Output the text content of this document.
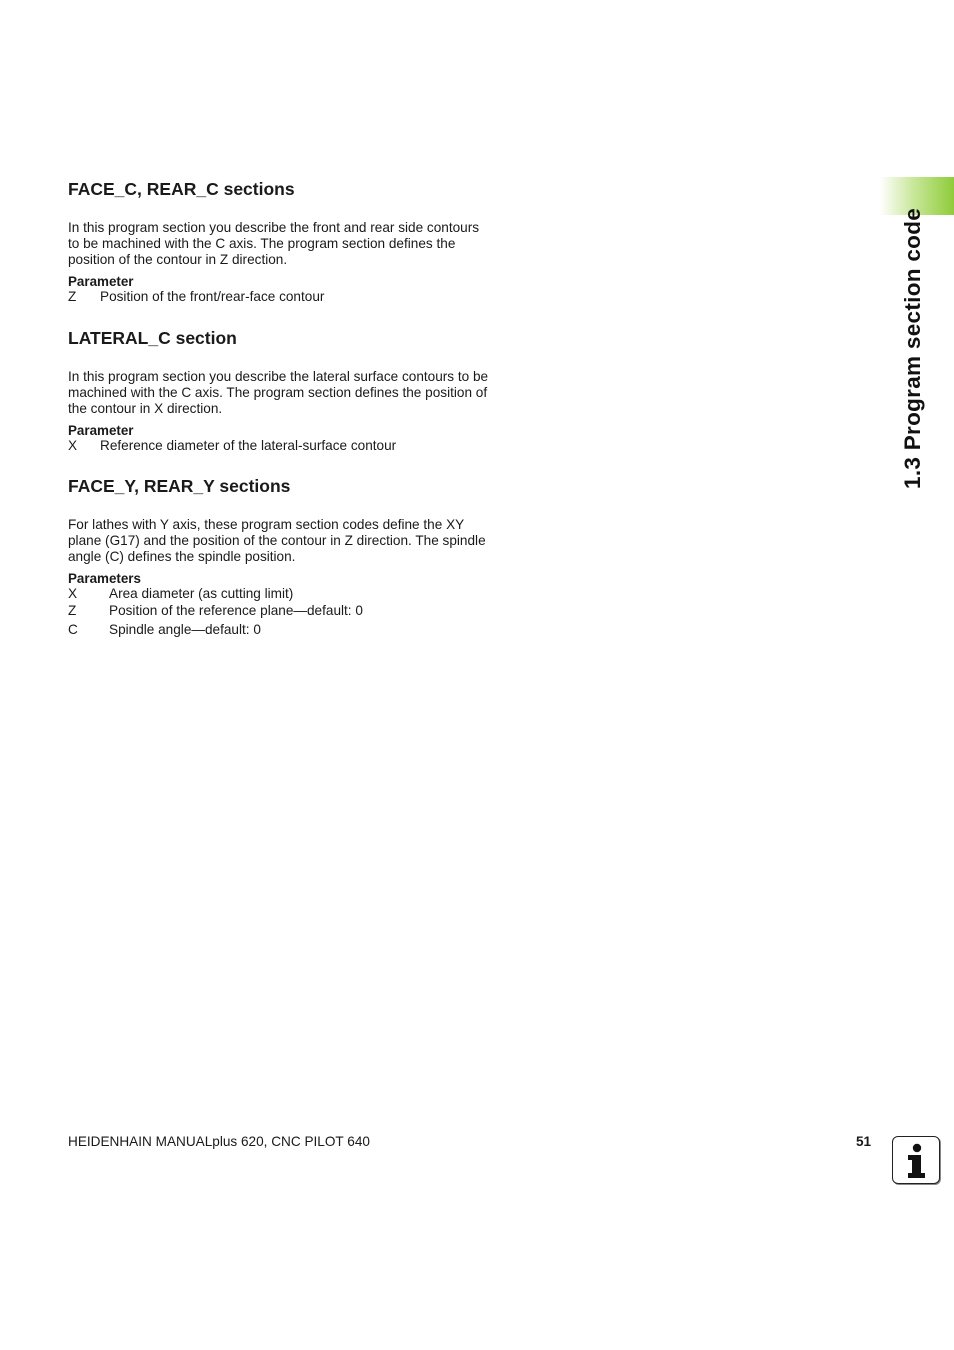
1.3 Program section code
FACE_C, REAR_C sections

In this program section you describe the front and rear side contours
to be machined with the C axis. The program section defines the
position of the contour in Z direction.

Parameter
Z	Position of the front/rear-face contour
LATERAL_C section

In this program section you describe the lateral surface contours to be
machined with the C axis. The program section defines the position of
the contour in X direction.

Parameter
X	Reference diameter of the lateral-surface contour
FACE_Y, REAR_Y sections

For lathes with Y axis, these program section codes define the XY
plane (G17) and the position of the contour in Z direction. The spindle
angle (C) defines the spindle position.

Parameters
X	Area diameter (as cutting limit)
Z	Position of the reference plane—default: 0
C	Spindle angle—default: 0
HEIDENHAIN MANUALplus 620, CNC PILOT 640	51
